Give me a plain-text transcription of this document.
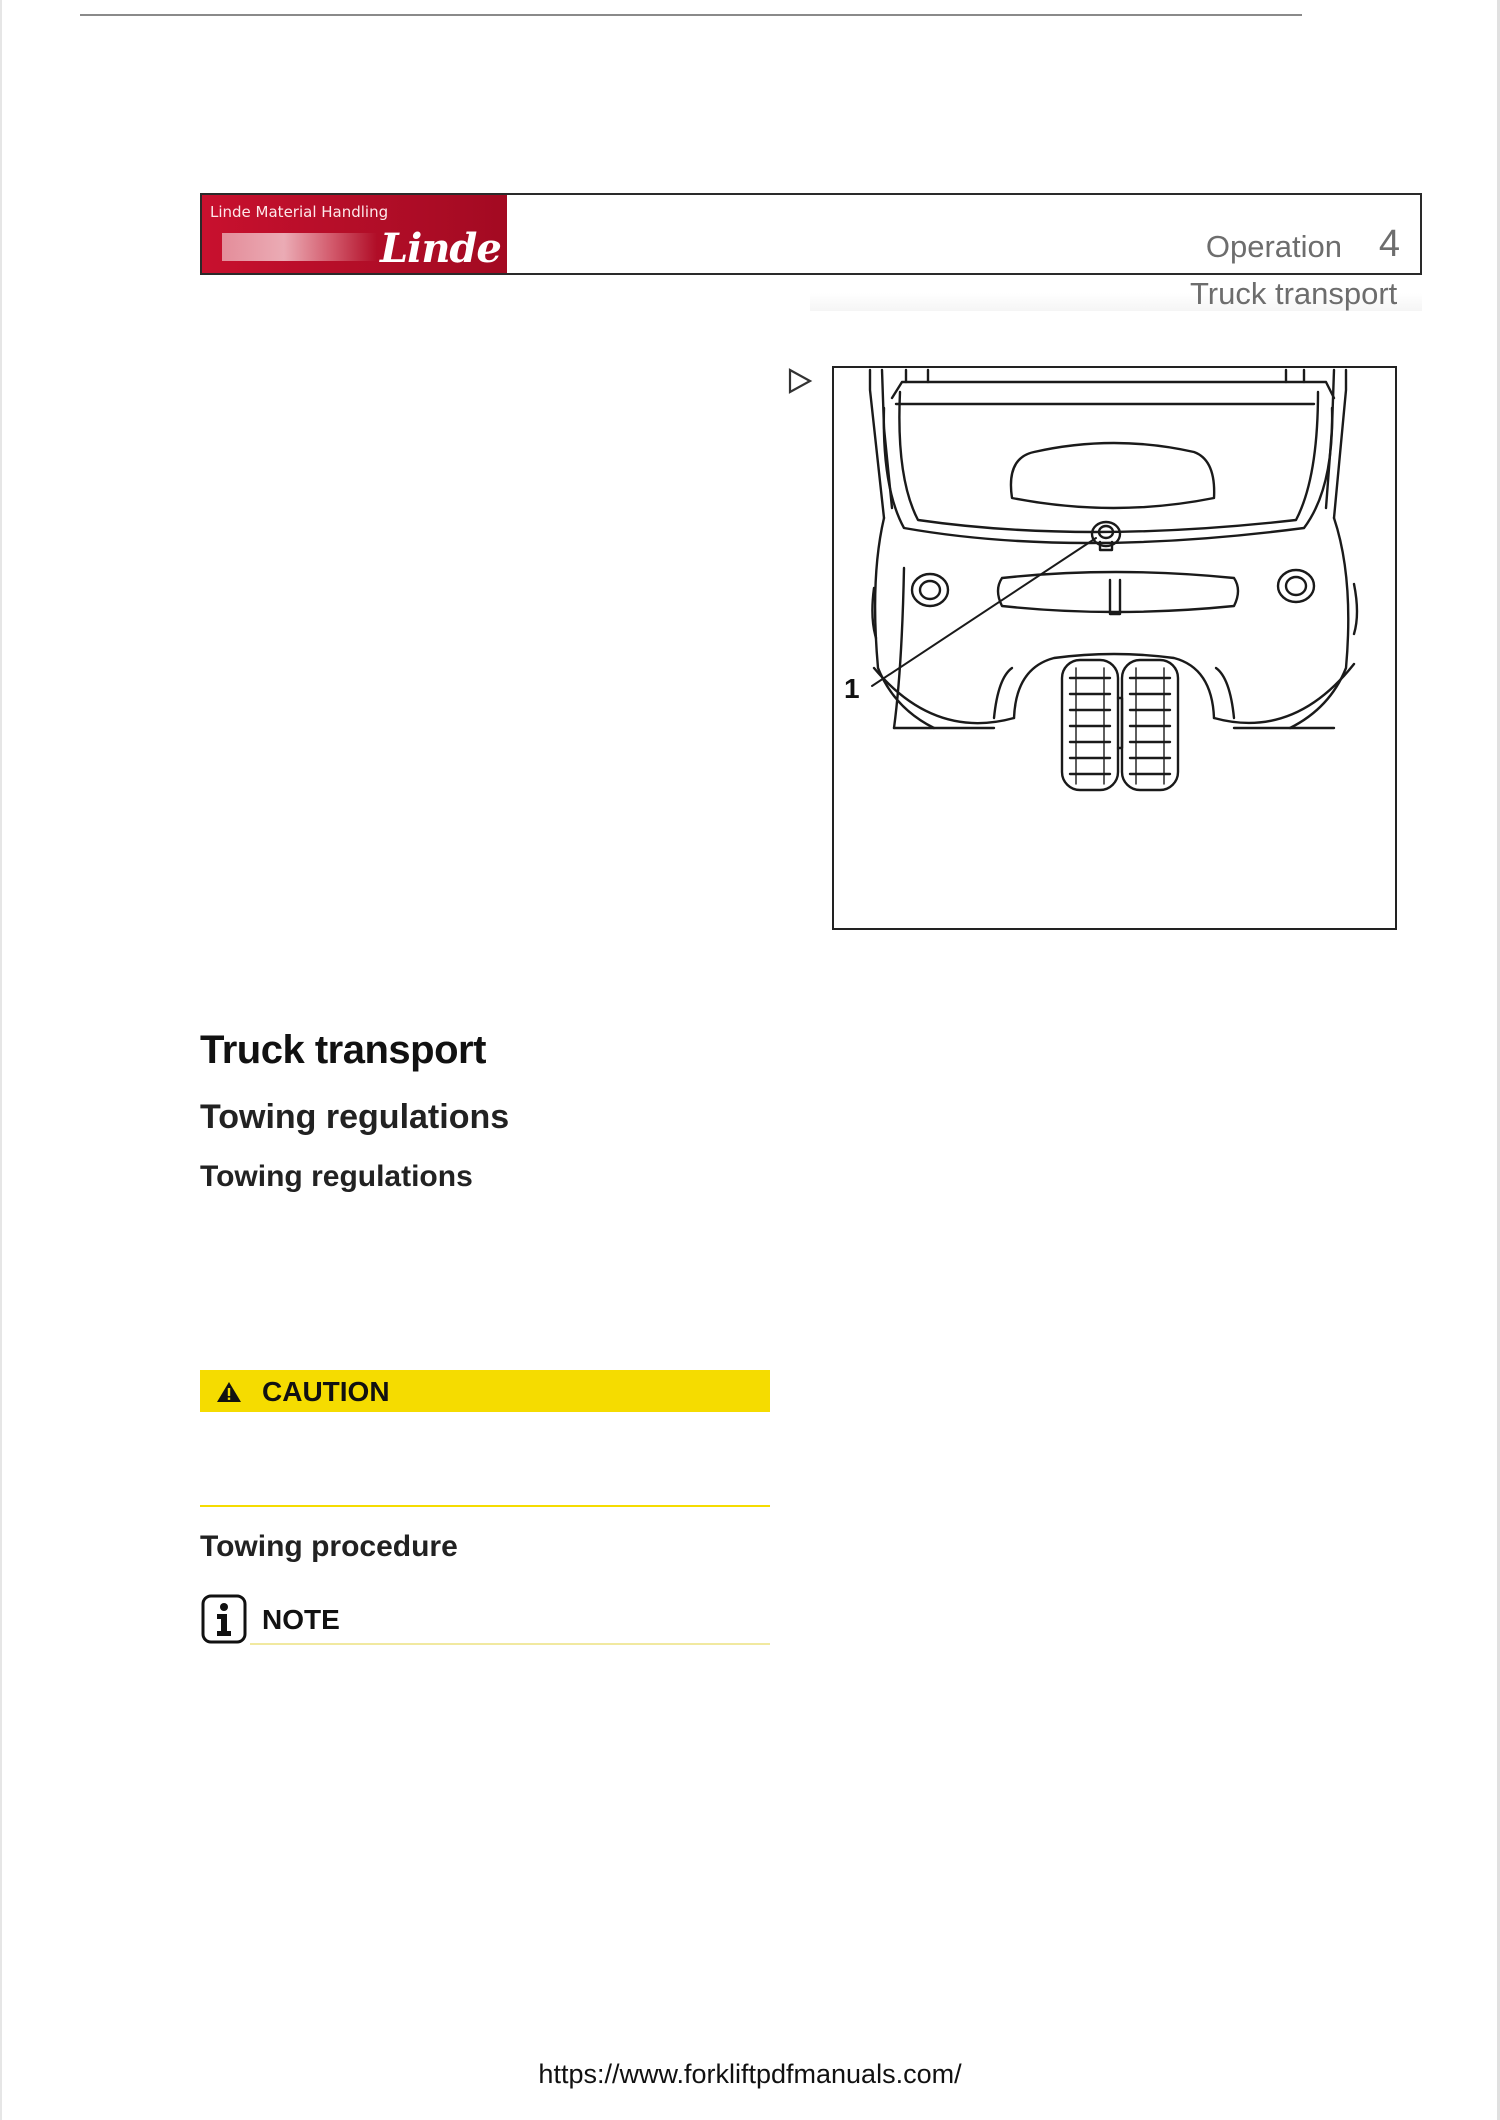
Linde Material Handling
Linde	Operation 4
Truck transport
1
Truck transport
Towing regulations
Towing regulations
CAUTION
Towing procedure
NOTE
https://www.forkliftpdfmanuals.com/
